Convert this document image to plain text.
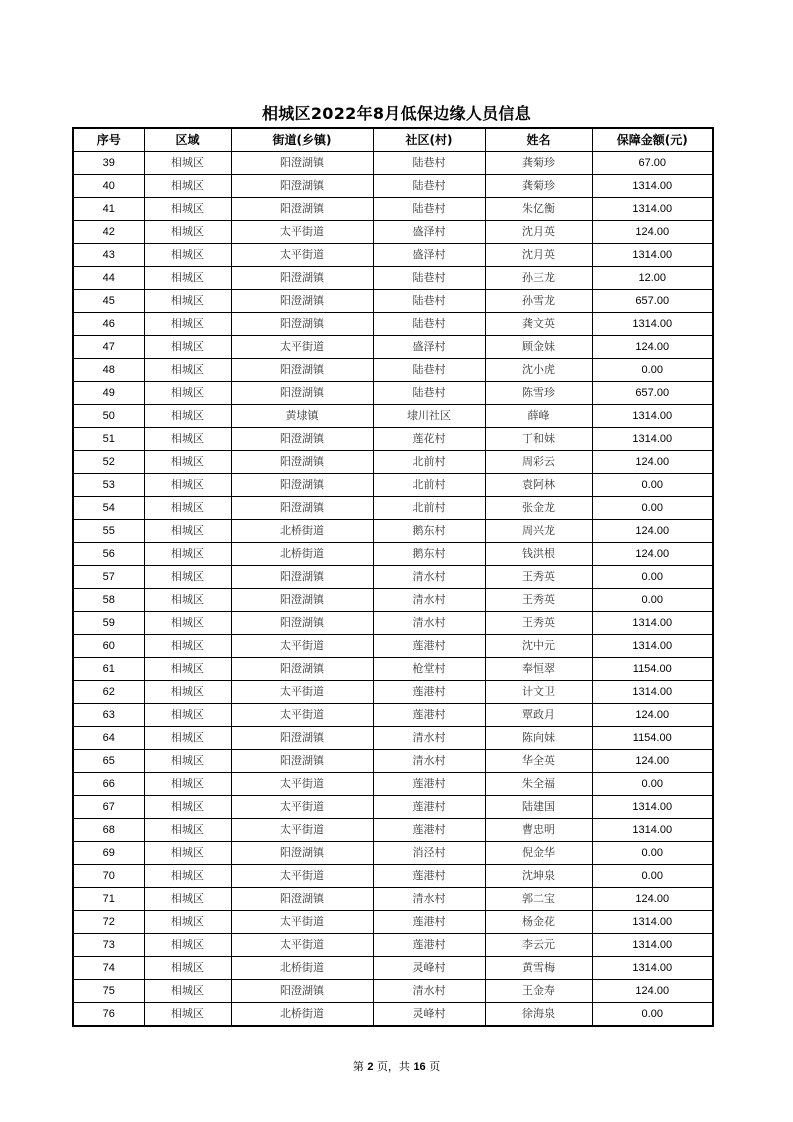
相城区2022年8月低保边缘人员信息
序号	区域	街道(乡镇)	社区(村)	姓名	保障金额(元)
39	相城区	阳澄湖镇	陆巷村	龚菊珍	67.00
40	相城区	阳澄湖镇	陆巷村	龚菊珍	1314.00
41	相城区	阳澄湖镇	陆巷村	朱亿衡	1314.00
42	相城区	太平街道	盛泽村	沈月英	124.00
43	相城区	太平街道	盛泽村	沈月英	1314.00
44	相城区	阳澄湖镇	陆巷村	孙三龙	12.00
45	相城区	阳澄湖镇	陆巷村	孙雪龙	657.00
46	相城区	阳澄湖镇	陆巷村	龚文英	1314.00
47	相城区	太平街道	盛泽村	顾金妹	124.00
48	相城区	阳澄湖镇	陆巷村	沈小虎	0.00
49	相城区	阳澄湖镇	陆巷村	陈雪珍	657.00
50	相城区	黄埭镇	埭川社区	薛峰	1314.00
51	相城区	阳澄湖镇	莲花村	丁和妹	1314.00
52	相城区	阳澄湖镇	北前村	周彩云	124.00
53	相城区	阳澄湖镇	北前村	袁阿林	0.00
54	相城区	阳澄湖镇	北前村	张金龙	0.00
55	相城区	北桥街道	鹅东村	周兴龙	124.00
56	相城区	北桥街道	鹅东村	钱洪根	124.00
57	相城区	阳澄湖镇	清水村	王秀英	0.00
58	相城区	阳澄湖镇	清水村	王秀英	0.00
59	相城区	阳澄湖镇	清水村	王秀英	1314.00
60	相城区	太平街道	莲港村	沈中元	1314.00
61	相城区	阳澄湖镇	枪堂村	奉恒翠	1154.00
62	相城区	太平街道	莲港村	计文卫	1314.00
63	相城区	太平街道	莲港村	覃政月	124.00
64	相城区	阳澄湖镇	清水村	陈向妹	1154.00
65	相城区	阳澄湖镇	清水村	华全英	124.00
66	相城区	太平街道	莲港村	朱全福	0.00
67	相城区	太平街道	莲港村	陆建国	1314.00
68	相城区	太平街道	莲港村	曹忠明	1314.00
69	相城区	阳澄湖镇	消泾村	倪金华	0.00
70	相城区	太平街道	莲港村	沈坤泉	0.00
71	相城区	阳澄湖镇	清水村	郭二宝	124.00
72	相城区	太平街道	莲港村	杨金花	1314.00
73	相城区	太平街道	莲港村	李云元	1314.00
74	相城区	北桥街道	灵峰村	黄雪梅	1314.00
75	相城区	阳澄湖镇	清水村	王金寿	124.00
76	相城区	北桥街道	灵峰村	徐海泉	0.00
第 2 页，共 16 页
